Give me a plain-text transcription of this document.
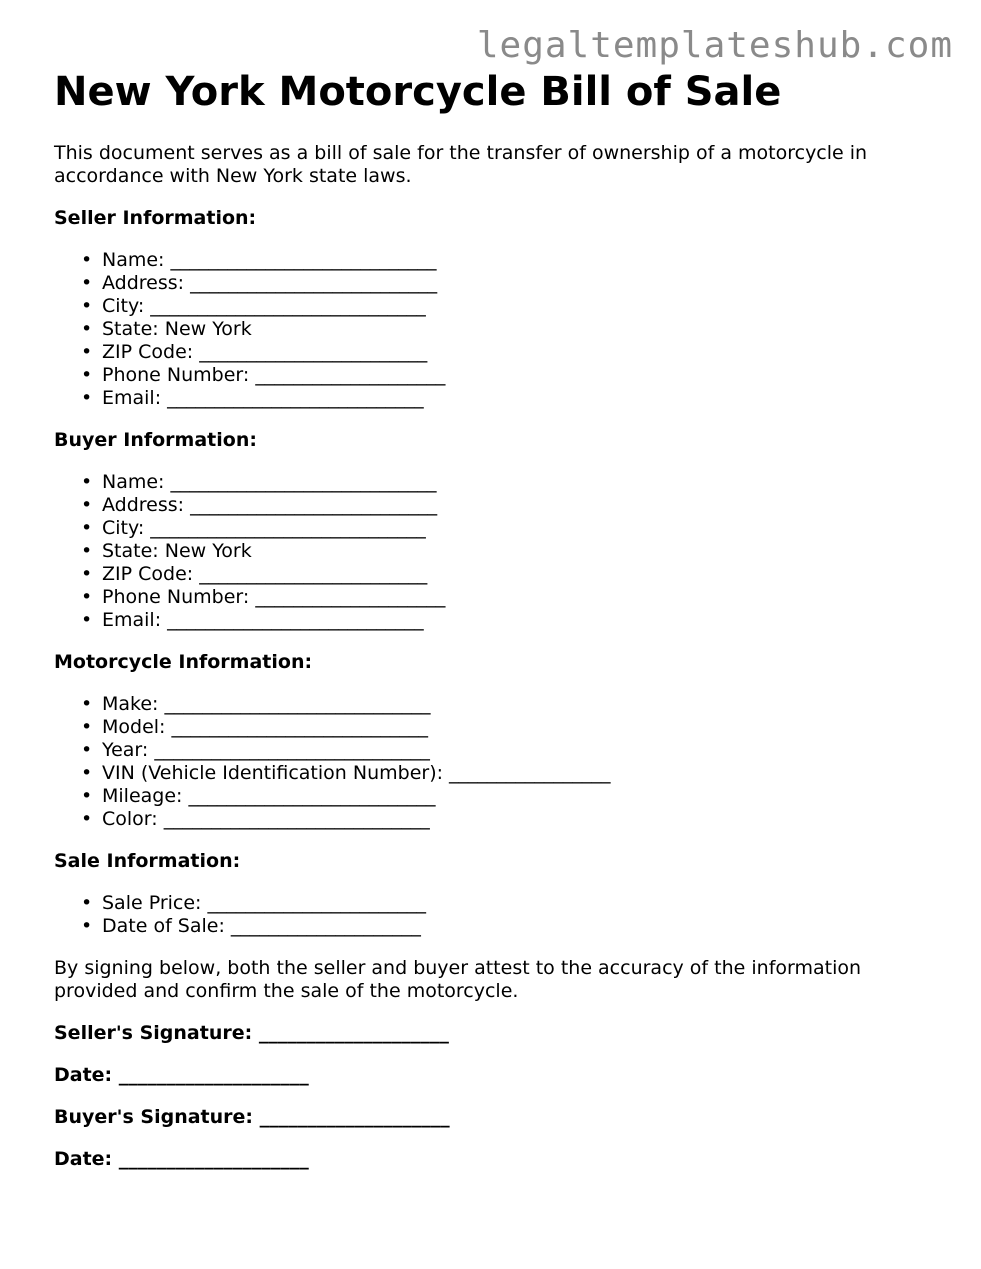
legaltemplateshub.com
New York Motorcycle Bill of Sale

This document serves as a bill of sale for the transfer of ownership of a motorcycle in accordance with New York state laws.

Seller Information:
• Name: ____________________________
• Address: __________________________
• City: _____________________________
• State: New York
• ZIP Code: ________________________
• Phone Number: ____________________
• Email: ___________________________
Buyer Information:
• Name: ____________________________
• Address: __________________________
• City: _____________________________
• State: New York
• ZIP Code: ________________________
• Phone Number: ____________________
• Email: ___________________________
Motorcycle Information:
• Make: ____________________________
• Model: ___________________________
• Year: _____________________________
• VIN (Vehicle Identification Number): _________________
• Mileage: __________________________
• Color: ____________________________
Sale Information:
• Sale Price: _______________________
• Date of Sale: ____________________

By signing below, both the seller and buyer attest to the accuracy of the information provided and confirm the sale of the motorcycle.

Seller's Signature: ____________________
Date: ____________________
Buyer's Signature: ____________________
Date: ____________________
